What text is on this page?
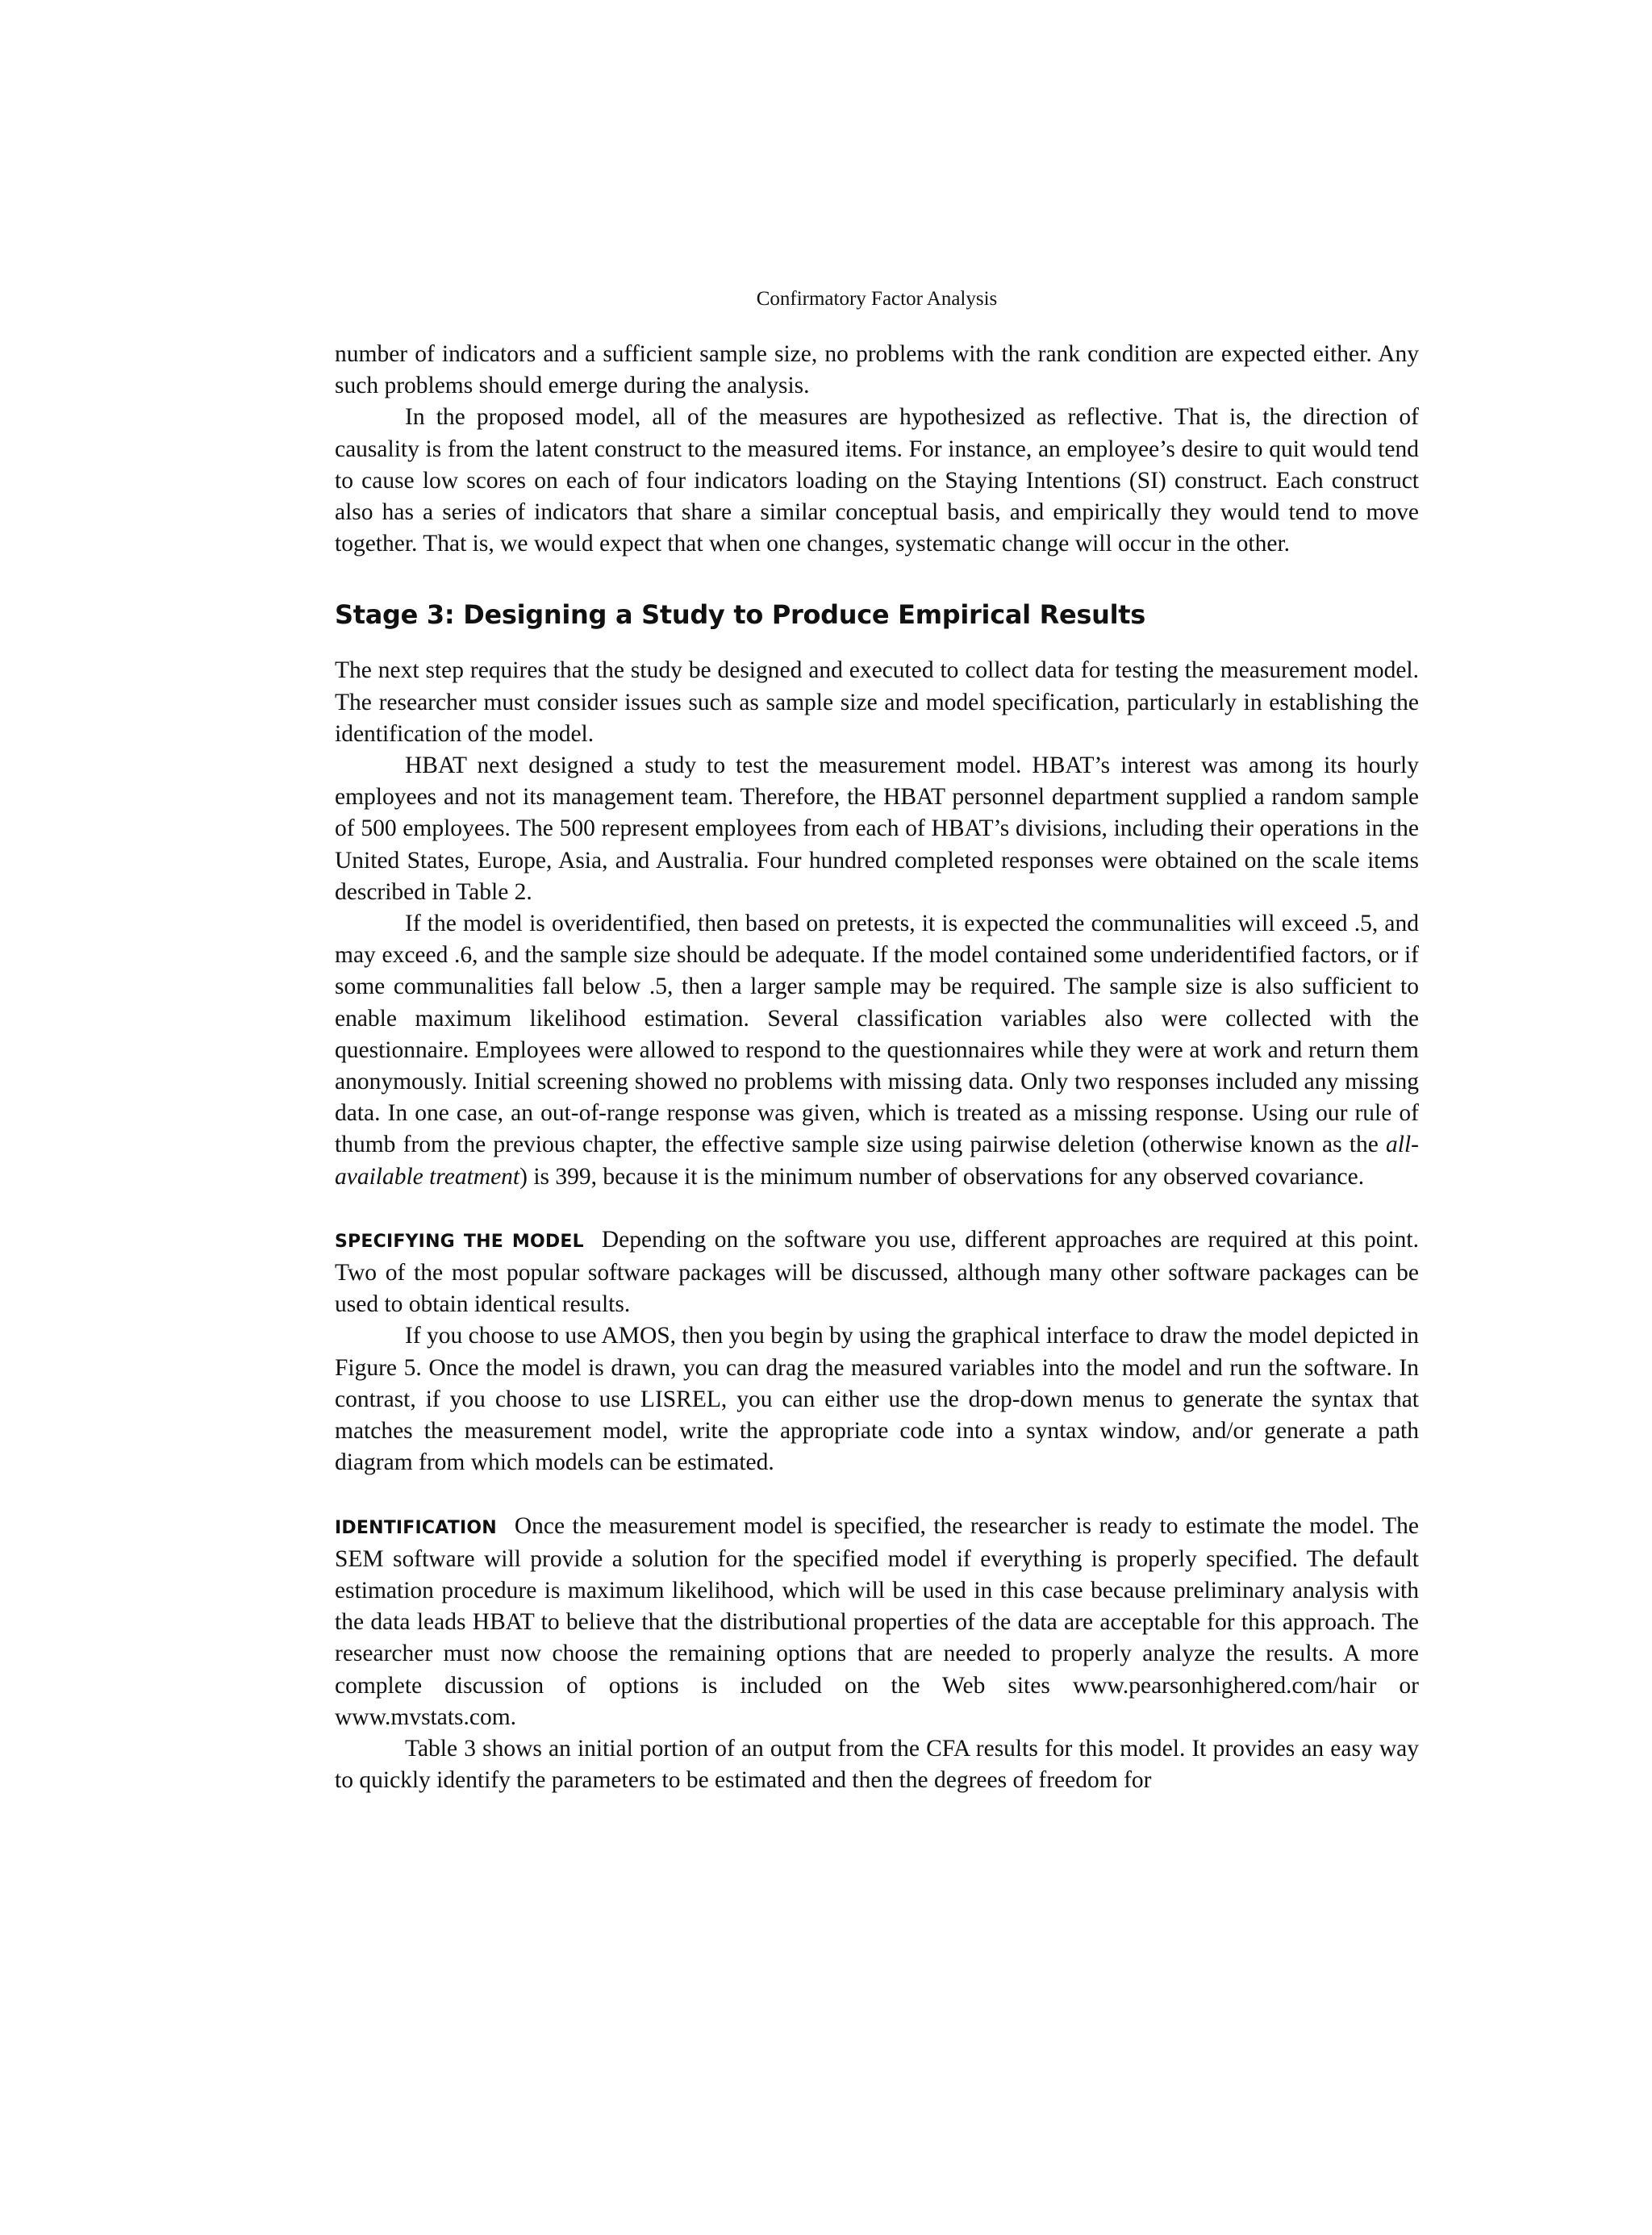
Confirmatory Factor Analysis

number of indicators and a sufficient sample size, no problems with the rank condition are expected either. Any such problems should emerge during the analysis.

In the proposed model, all of the measures are hypothesized as reflective. That is, the direction of causality is from the latent construct to the measured items. For instance, an employee’s desire to quit would tend to cause low scores on each of four indicators loading on the Staying Intentions (SI) construct. Each construct also has a series of indicators that share a similar conceptual basis, and empirically they would tend to move together. That is, we would expect that when one changes, systematic change will occur in the other.

Stage 3: Designing a Study to Produce Empirical Results

The next step requires that the study be designed and executed to collect data for testing the measurement model. The researcher must consider issues such as sample size and model specification, particularly in establishing the identification of the model.

HBAT next designed a study to test the measurement model. HBAT’s interest was among its hourly employees and not its management team. Therefore, the HBAT personnel department supplied a random sample of 500 employees. The 500 represent employees from each of HBAT’s divisions, including their operations in the United States, Europe, Asia, and Australia. Four hundred completed responses were obtained on the scale items described in Table 2.

If the model is overidentified, then based on pretests, it is expected the communalities will exceed .5, and may exceed .6, and the sample size should be adequate. If the model contained some underidentified factors, or if some communalities fall below .5, then a larger sample may be required. The sample size is also sufficient to enable maximum likelihood estimation. Several classification variables also were collected with the questionnaire. Employees were allowed to respond to the questionnaires while they were at work and return them anonymously. Initial screening showed no problems with missing data. Only two responses included any missing data. In one case, an out-of-range response was given, which is treated as a missing response. Using our rule of thumb from the previous chapter, the effective sample size using pairwise deletion (otherwise known as the all-available treatment) is 399, because it is the minimum number of observations for any observed covariance.

SPECIFYING THE MODEL Depending on the software you use, different approaches are required at this point. Two of the most popular software packages will be discussed, although many other software packages can be used to obtain identical results.

If you choose to use AMOS, then you begin by using the graphical interface to draw the model depicted in Figure 5. Once the model is drawn, you can drag the measured variables into the model and run the software. In contrast, if you choose to use LISREL, you can either use the drop-down menus to generate the syntax that matches the measurement model, write the appropriate code into a syntax window, and/or generate a path diagram from which models can be estimated.

IDENTIFICATION Once the measurement model is specified, the researcher is ready to estimate the model. The SEM software will provide a solution for the specified model if everything is properly specified. The default estimation procedure is maximum likelihood, which will be used in this case because preliminary analysis with the data leads HBAT to believe that the distributional properties of the data are acceptable for this approach. The researcher must now choose the remaining options that are needed to properly analyze the results. A more complete discussion of options is included on the Web sites www.pearsonhighered.com/hair or www.mvstats.com.

Table 3 shows an initial portion of an output from the CFA results for this model. It provides an easy way to quickly identify the parameters to be estimated and then the degrees of freedom for
